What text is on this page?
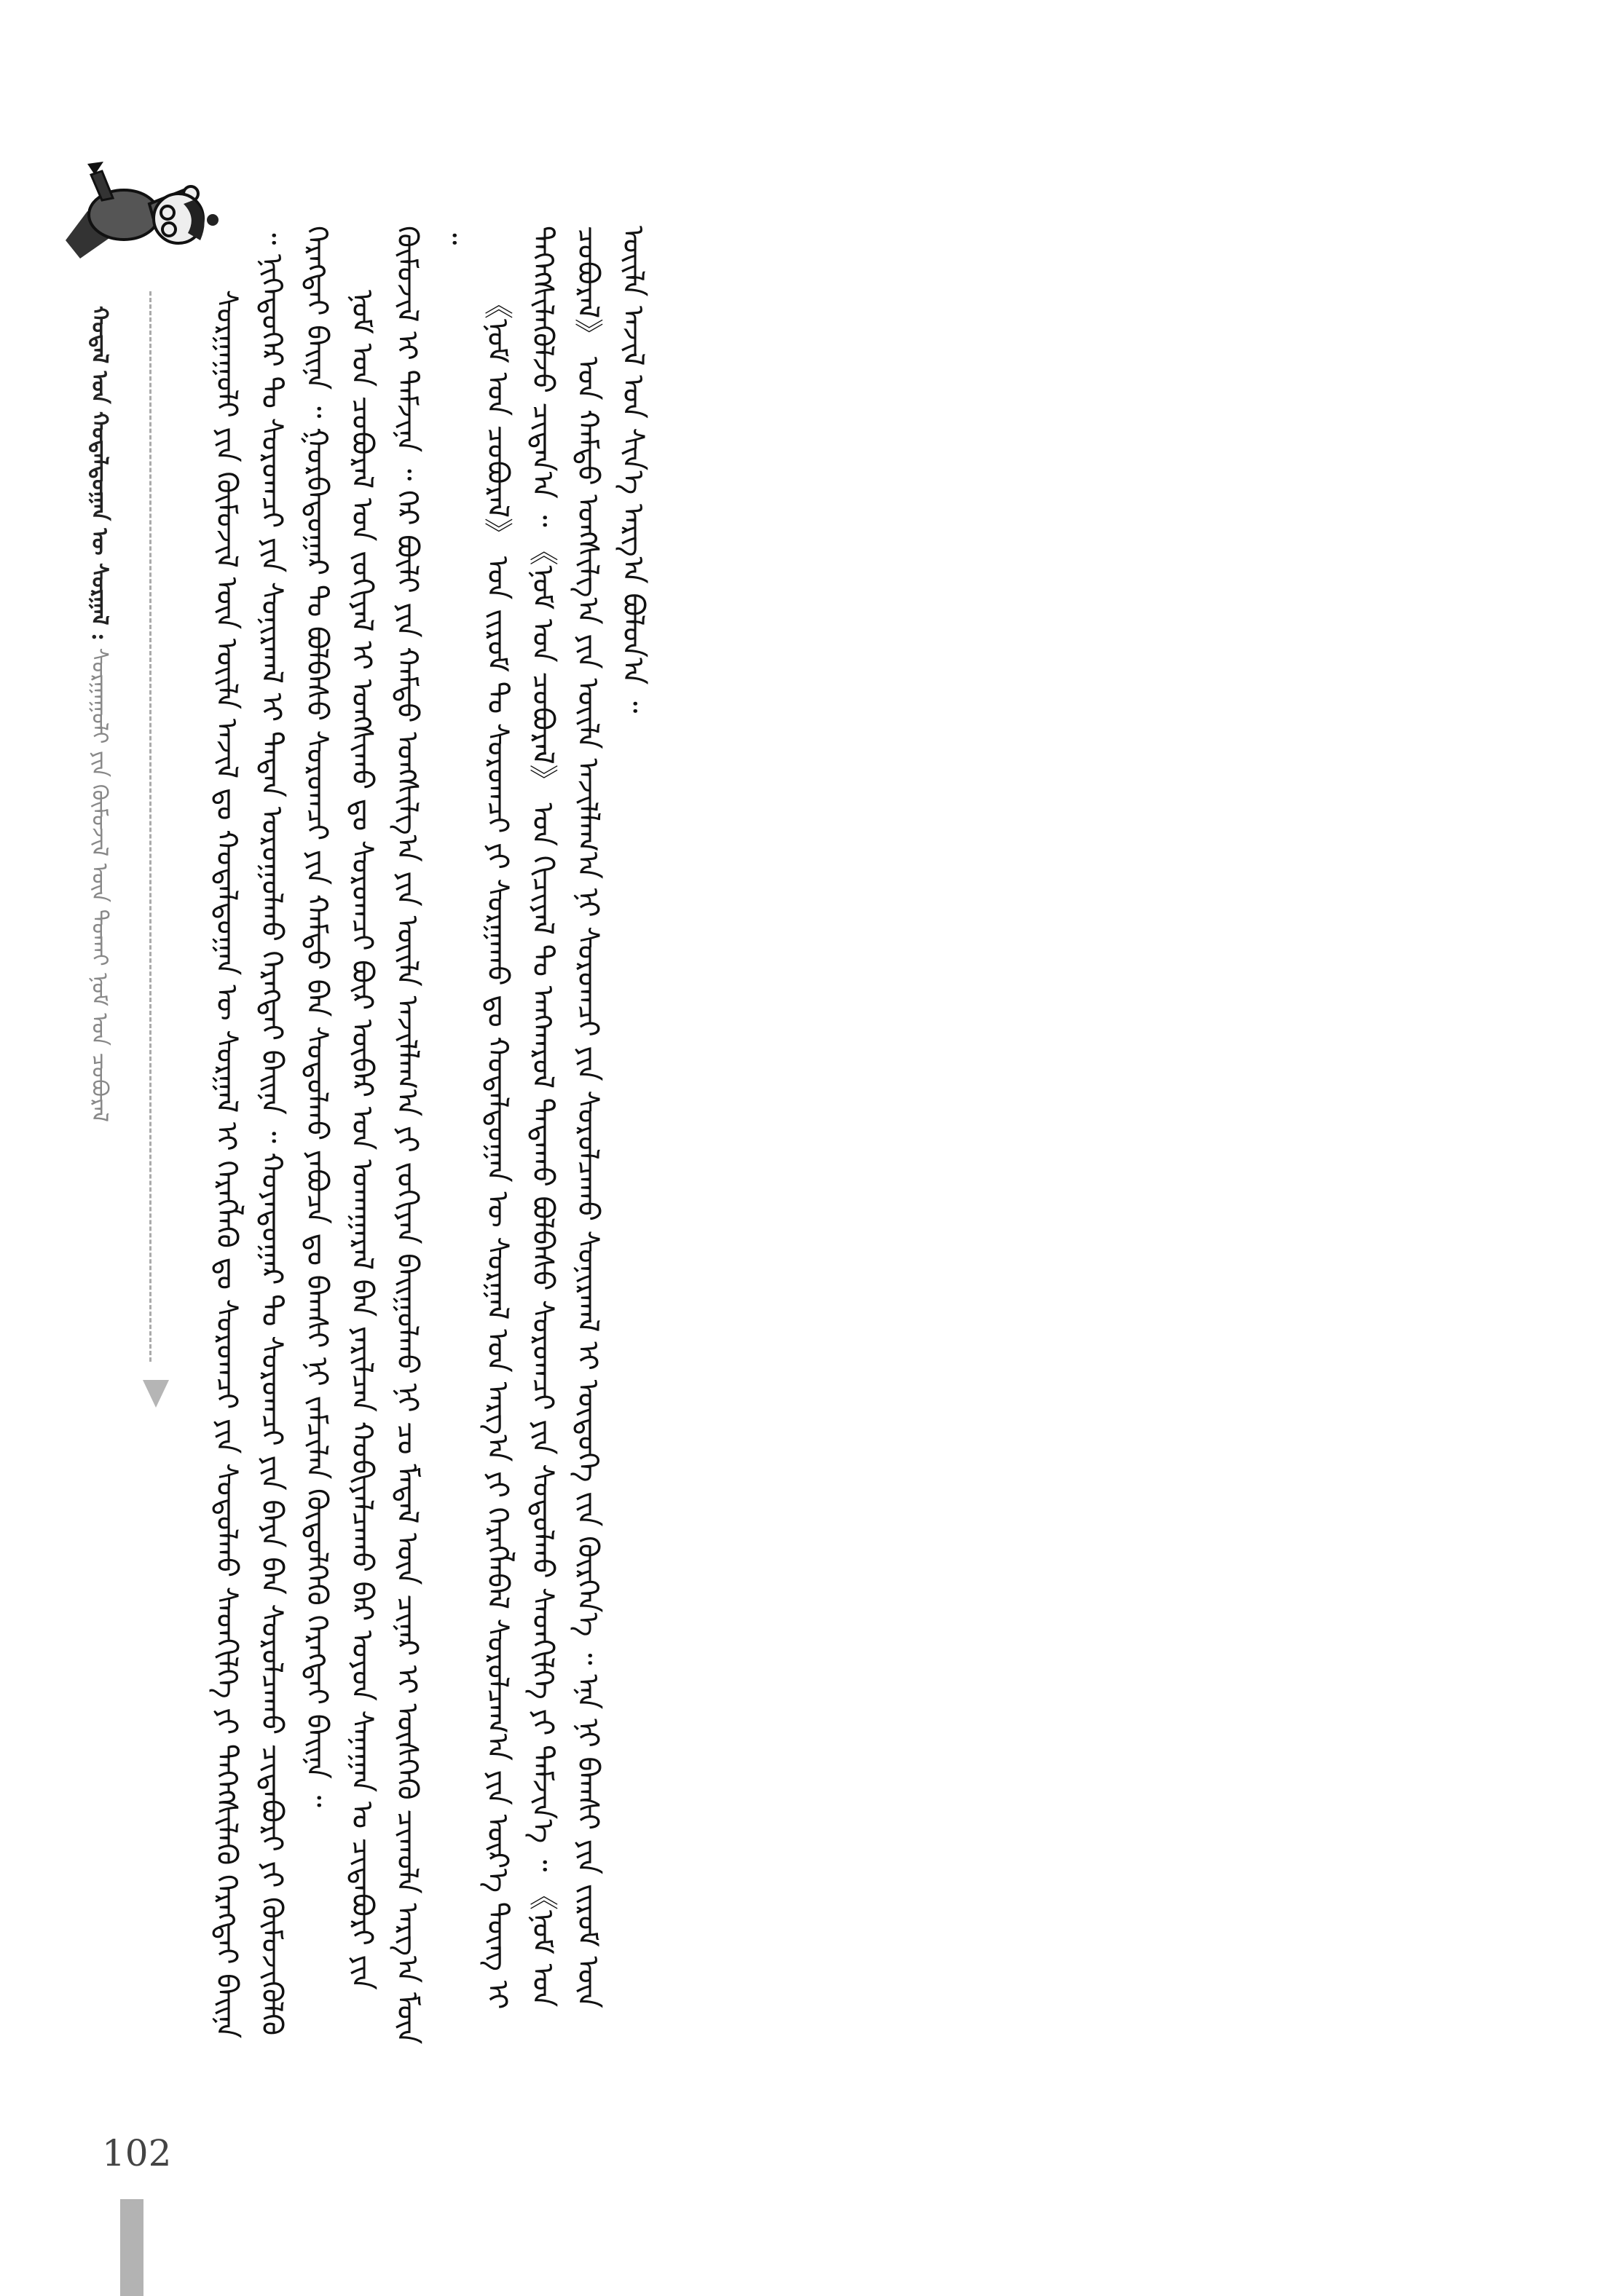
ᠬᠤᠳᠠᠯ ᠤᠨ ᠬᠤᠳᠠᠯᠳᠤᠭᠠᠨ ᠦ ᠰᠤᠷᠭᠠᠯ : ᠰᠤᠷᠭᠠᠭᠤᠯᠢ ᠶᠢᠨ ᠬᠦᠮᠦᠵᠢᠯ ᠦᠨ ᠲᠤᠬᠠᠢ ᠨᠣᠮ ᠤᠨ ᠴᠤᠪᠤᠷᠠᠯ	ᠰᠤᠷᠭᠠᠭᠤᠯᠢ ᠶᠢᠨ ᠬᠦᠮᠦᠵᠢᠯ ᠦᠨ ᠦᠢᠯᠡ ᠠᠵᠢᠯ ᠳᠤ ᠬᠤᠳᠠᠯᠳᠤᠭᠠᠨ ᠦ ᠰᠤᠷᠭᠠᠯ ᠢ ᠬᠡᠷᠡᠭᠯᠡᠬᠦ ᠳᠤ ᠰᠤᠷᠤᠭᠴᠢ ᠶᠢᠨ ᠰᠤᠳᠤᠯᠬᠤ ᠰᠡᠳᠬᠢᠯᠭᠡ ᠶᠢ ᠳᠡᠭᠡᠭᠰᠢᠯᠡᠬᠦ ᠬᠡᠷᠡᠭᠲᠡᠢ ᠪᠠᠢᠨᠠ ᠃ ᠨᠢᠭᠡᠳᠦᠭᠡᠷ ᠲᠤ ᠰᠤᠷᠤᠭᠴᠢ ᠶᠢᠨ ᠰᠣᠨᠢᠷᠬᠠᠯ ᠢ ᠲᠠᠲᠠᠨ ᠣᠷᠣᠭᠤᠯᠬᠤ ᠬᠡᠷᠡᠭᠲᠡᠢ ᠪᠠᠢᠨᠠ ᠃ ᠬᠣᠶᠠᠳᠤᠭᠠᠷ ᠲᠤ ᠰᠤᠷᠤᠭᠴᠢ ᠶᠢᠨ ᠪᠡᠶᠡ ᠪᠡᠨ ᠰᠤᠷᠤᠯᠴᠠᠬᠤ ᠴᠢᠳᠠᠪᠤᠷᠢ ᠶᠢ ᠬᠦᠮᠦᠵᠢᠭᠦᠯᠬᠦ ᠬᠡᠷᠡᠭᠲᠡᠢ ᠪᠠᠢᠨᠠ ᠃ ᠭᠤᠷᠪᠠᠳᠤᠭᠠᠷ ᠲᠤ ᠪᠤᠯᠪᠠᠰᠤ ᠰᠤᠷᠤᠭᠴᠢ ᠶᠢᠨ ᠬᠠᠮᠲᠤ ᠪᠡᠨ ᠰᠤᠳᠤᠯᠬᠤ ᠶᠠᠪᠤᠴᠠ ᠳᠤ ᠪᠠᠭᠰᠢ ᠨᠢ ᠵᠠᠮᠴᠢᠯᠠᠨ ᠬᠦᠳᠦᠯᠭᠡᠬᠦ ᠬᠡᠷᠡᠭᠲᠡᠢ ᠪᠠᠢᠨᠠ ᠃ ᠨᠣᠮ ᠤᠨ ᠴᠤᠪᠤᠷᠠᠯ ᠤᠨ ᠵᠣᠬᠢᠶᠠᠯ ᠢ ᠤᠩᠰᠢᠬᠤ ᠳᠤ ᠰᠤᠷᠤᠭᠴᠢ ᠪᠦᠷ ᠥᠪᠡᠷ ᠤᠨ ᠤᠬᠠᠭᠠᠷᠠᠯ ᠪᠠᠨ ᠶᠠᠷᠢᠯᠴᠠᠨ ᠬᠤᠪᠢᠶᠠᠯᠴᠠᠬᠤ ᠪᠠᠷ ᠣᠶᠤᠨ ᠰᠠᠨᠠᠭᠠᠨ ᠤ ᠴᠢᠳᠠᠪᠤᠷᠢ ᠶᠢᠨ ᠬᠦᠮᠦᠵᠢᠯ ᠢ ᠳᠡᠮᠵᠢᠨᠡ ᠃ ᠭᠡᠷ ᠪᠦᠯᠢ ᠶᠢᠨ ᠬᠠᠮᠲᠤ ᠤᠩᠰᠢᠯᠭ᠎ᠠ ᠶᠢᠨ ᠦᠢᠯᠡ ᠠᠵᠢᠯᠯᠠᠭ᠎ᠠ ᠶᠢ ᠵᠣᠬᠢᠶᠠᠨ ᠪᠠᠢᠭᠤᠯᠬᠤ ᠨᠢ ᠴᠤ ᠮᠡᠳᠡᠯ ᠦᠨ ᠴᠢᠨᠠᠷ ᠢ ᠥᠰᠬᠡᠬᠦ ᠴᠢᠬᠤᠯᠠ ᠠᠷᠭ᠎ᠠ ᠮᠥᠨ ᠃

《ᠨᠣᠮ ᠤᠨ ᠴᠤᠪᠤᠷᠠᠯ》 ᠤᠨ ᠵᠢᠷᠤᠮ ᠲᠤ ᠰᠤᠷᠤᠭᠴᠢ ᠶᠢ ᠰᠤᠷᠭᠠᠬᠤ ᠳᠤ ᠬᠤᠳᠠᠯᠳᠤᠭᠠᠨ ᠦ ᠰᠤᠷᠭᠠᠯ ᠤᠨ ᠠᠷᠭ᠎ᠠ ᠶᠢ ᠬᠡᠷᠡᠭᠯᠡᠪᠡᠯ ᠰᠤᠷᠤᠯᠴᠠᠭ᠎ᠠ ᠶᠢᠨ ᠦᠷ᠎ᠡ ᠳᠦᠩ ᠢ ᠳᠡᠭᠡᠭᠰᠢᠯᠡᠭᠦᠯᠵᠦ ᠴᠢᠳᠠᠨ᠎ᠠ ᠃ 《ᠨᠣᠮ ᠤᠨ ᠴᠤᠪᠤᠷᠠᠯ》 ᠤᠨ ᠬᠢᠴᠢᠶᠡᠯ ᠲᠤ ᠠᠩᠬᠠᠷᠤᠯ ᠲᠠᠲᠠᠬᠤ ᠪᠤᠯᠪᠠᠰᠤ ᠰᠤᠷᠤᠭᠴᠢ ᠶᠢᠨ ᠰᠤᠳᠤᠯᠬᠤ ᠰᠡᠳᠬᠢᠯᠭᠡ ᠶᠢ ᠳᠡᠮᠵᠢᠨ᠎ᠡ ᠃ 《ᠨᠣᠮ ᠤᠨ ᠴᠤᠪᠤᠷᠠᠯ》 ᠤᠨ ᠬᠠᠮᠲᠤ ᠤᠩᠰᠢᠯᠭ᠎ᠠ ᠶᠢᠨ ᠦᠢᠯᠡ ᠠᠵᠢᠯᠯᠠᠭ᠎ᠠ ᠨᠢ ᠰᠤᠷᠤᠭᠴᠢ ᠶᠢᠨ ᠰᠤᠷᠤᠯᠴᠠᠬᠤ ᠰᠣᠨᠢᠷᠬᠠᠯ ᠢ ᠥᠳᠦᠭᠡ ᠵᠢᠨ ᠬᠦᠷᠭᠡᠨ᠎ᠡ ᠃ ᠡᠨᠡ ᠨᠢ ᠪᠠᠭᠰᠢ ᠶᠢᠨ ᠵᠢᠷᠤᠮ ᠦᠨ ᠦᠢᠯᠡ ᠠᠵᠢᠯ ᠤᠨ ᠰᠢᠨ᠎ᠡ ᠠᠷᠭ᠎ᠠ ᠪᠣᠯᠤᠨ᠎ᠠ ᠃

102
